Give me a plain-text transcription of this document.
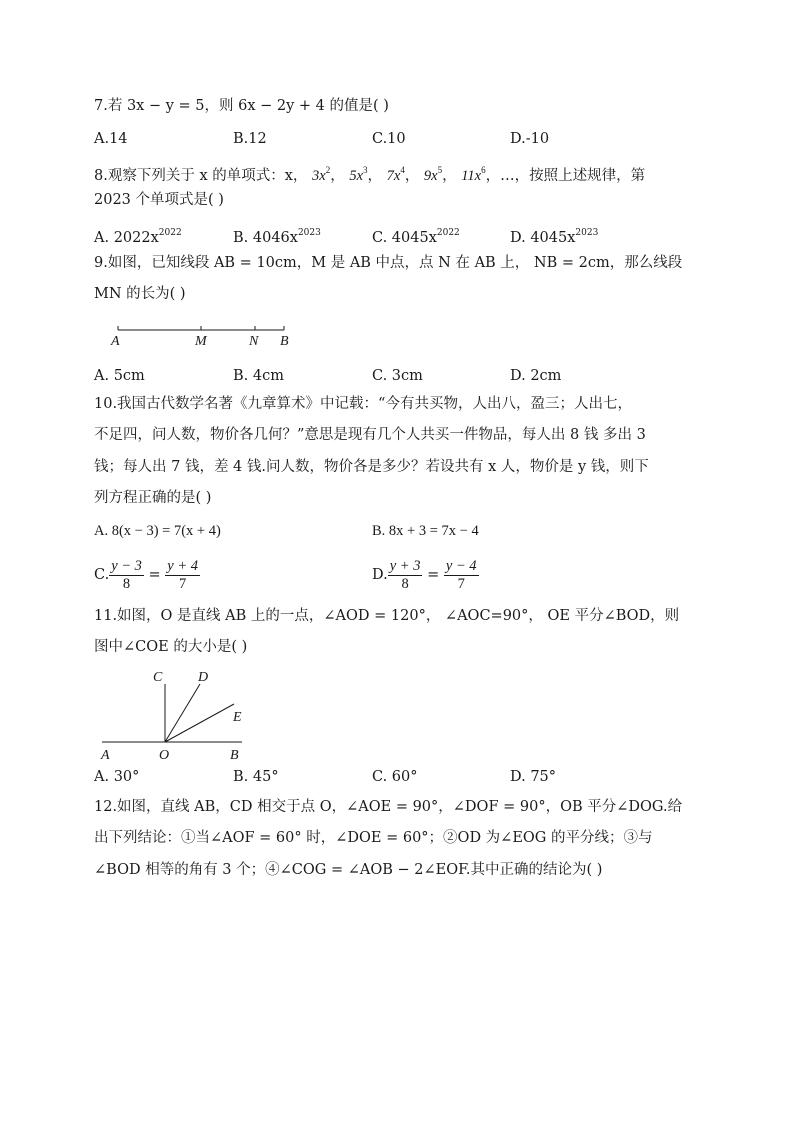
7.若 3x − y = 5，则 6x − 2y + 4 的值是( )
A.14	B.12	C.10	D.-10
8.观察下列关于 x 的单项式：x， $3x^2$， $5x^3$， $7x^4$， $9x^5$， $11x^6$，…，按照上述规律，第
2023 个单项式是( )
A. $2022x^{2022}$	B. $4046x^{2023}$	C. $4045x^{2022}$	D. $4045x^{2023}$
9.如图，已知线段 AB = 10cm，M 是 AB 中点，点 N 在 AB 上， NB = 2cm，那么线段
MN 的长为( )
A	M	N B
A. 5cm	B. 4cm	C. 3cm	D. 2cm
10.我国古代数学名著《九章算术》中记载：“今有共买物，人出八，盈三；人出七，
不足四，问人数，物价各几何？”意思是现有几个人共买一件物品，每人出 8 钱 多出 3
钱；每人出 7 钱，差 4 钱.问人数，物价各是多少？若设共有 x 人，物价是 y 钱，则下
列方程正确的是( )
A. 8(x − 3) = 7(x + 4)	B. 8x + 3 = 7x − 4
C. $\frac{y - 3}{8} = \frac{y + 4}{7}$	D. $\frac{y + 3}{8} = \frac{y - 4}{7}$
11.如图，O 是直线 AB 上的一点，∠AOD = 120°， ∠AOC=90°， OE 平分∠BOD，则
图中∠COE 的大小是( )
C	D
E
A	O	B
A. 30°	B. 45°	C. 60°	D. 75°
12.如图，直线 AB，CD 相交于点 O，∠AOE = 90°，∠DOF = 90°，OB 平分∠DOG.给
出下列结论：①当∠AOF = 60° 时，∠DOE = 60°；②OD 为∠EOG 的平分线；③与
∠BOD 相等的角有 3 个；④∠COG = ∠AOB − 2∠EOF.其中正确的结论为( )
